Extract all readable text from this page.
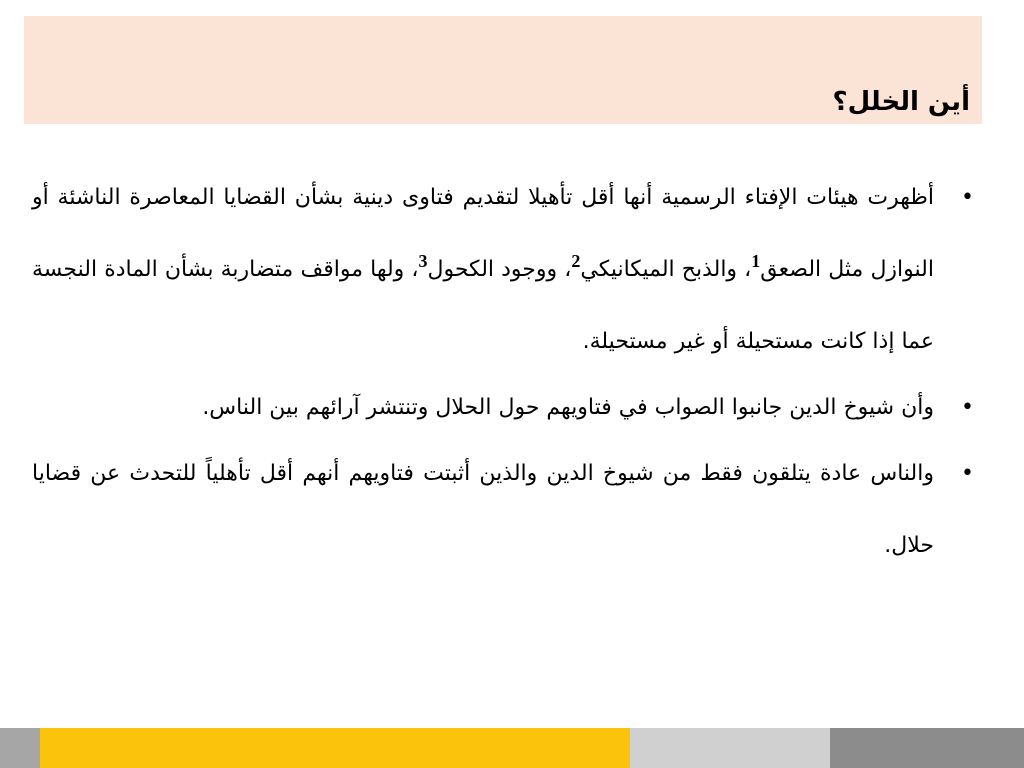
أين الخلل؟
•
أظهرت هيئات الإفتاء الرسمية أنها أقل تأهيلا لتقديم فتاوى دينية بشأن القضايا المعاصرة الناشئة أو النوازل مثل الصعق$^1$، والذبح الميكانيكي$^2$، ووجود الكحول$^3$، ولها مواقف متضاربة بشأن المادة النجسة عما إذا كانت مستحيلة أو غير مستحيلة.
•
وأن شيوخ الدين جانبوا الصواب في فتاويهم حول الحلال وتنتشر آرائهم بين الناس.
•
والناس عادة يتلقون فقط من شيوخ الدين والذين أثبتت فتاويهم أنهم أقل تأهلياً للتحدث عن قضايا حلال.
